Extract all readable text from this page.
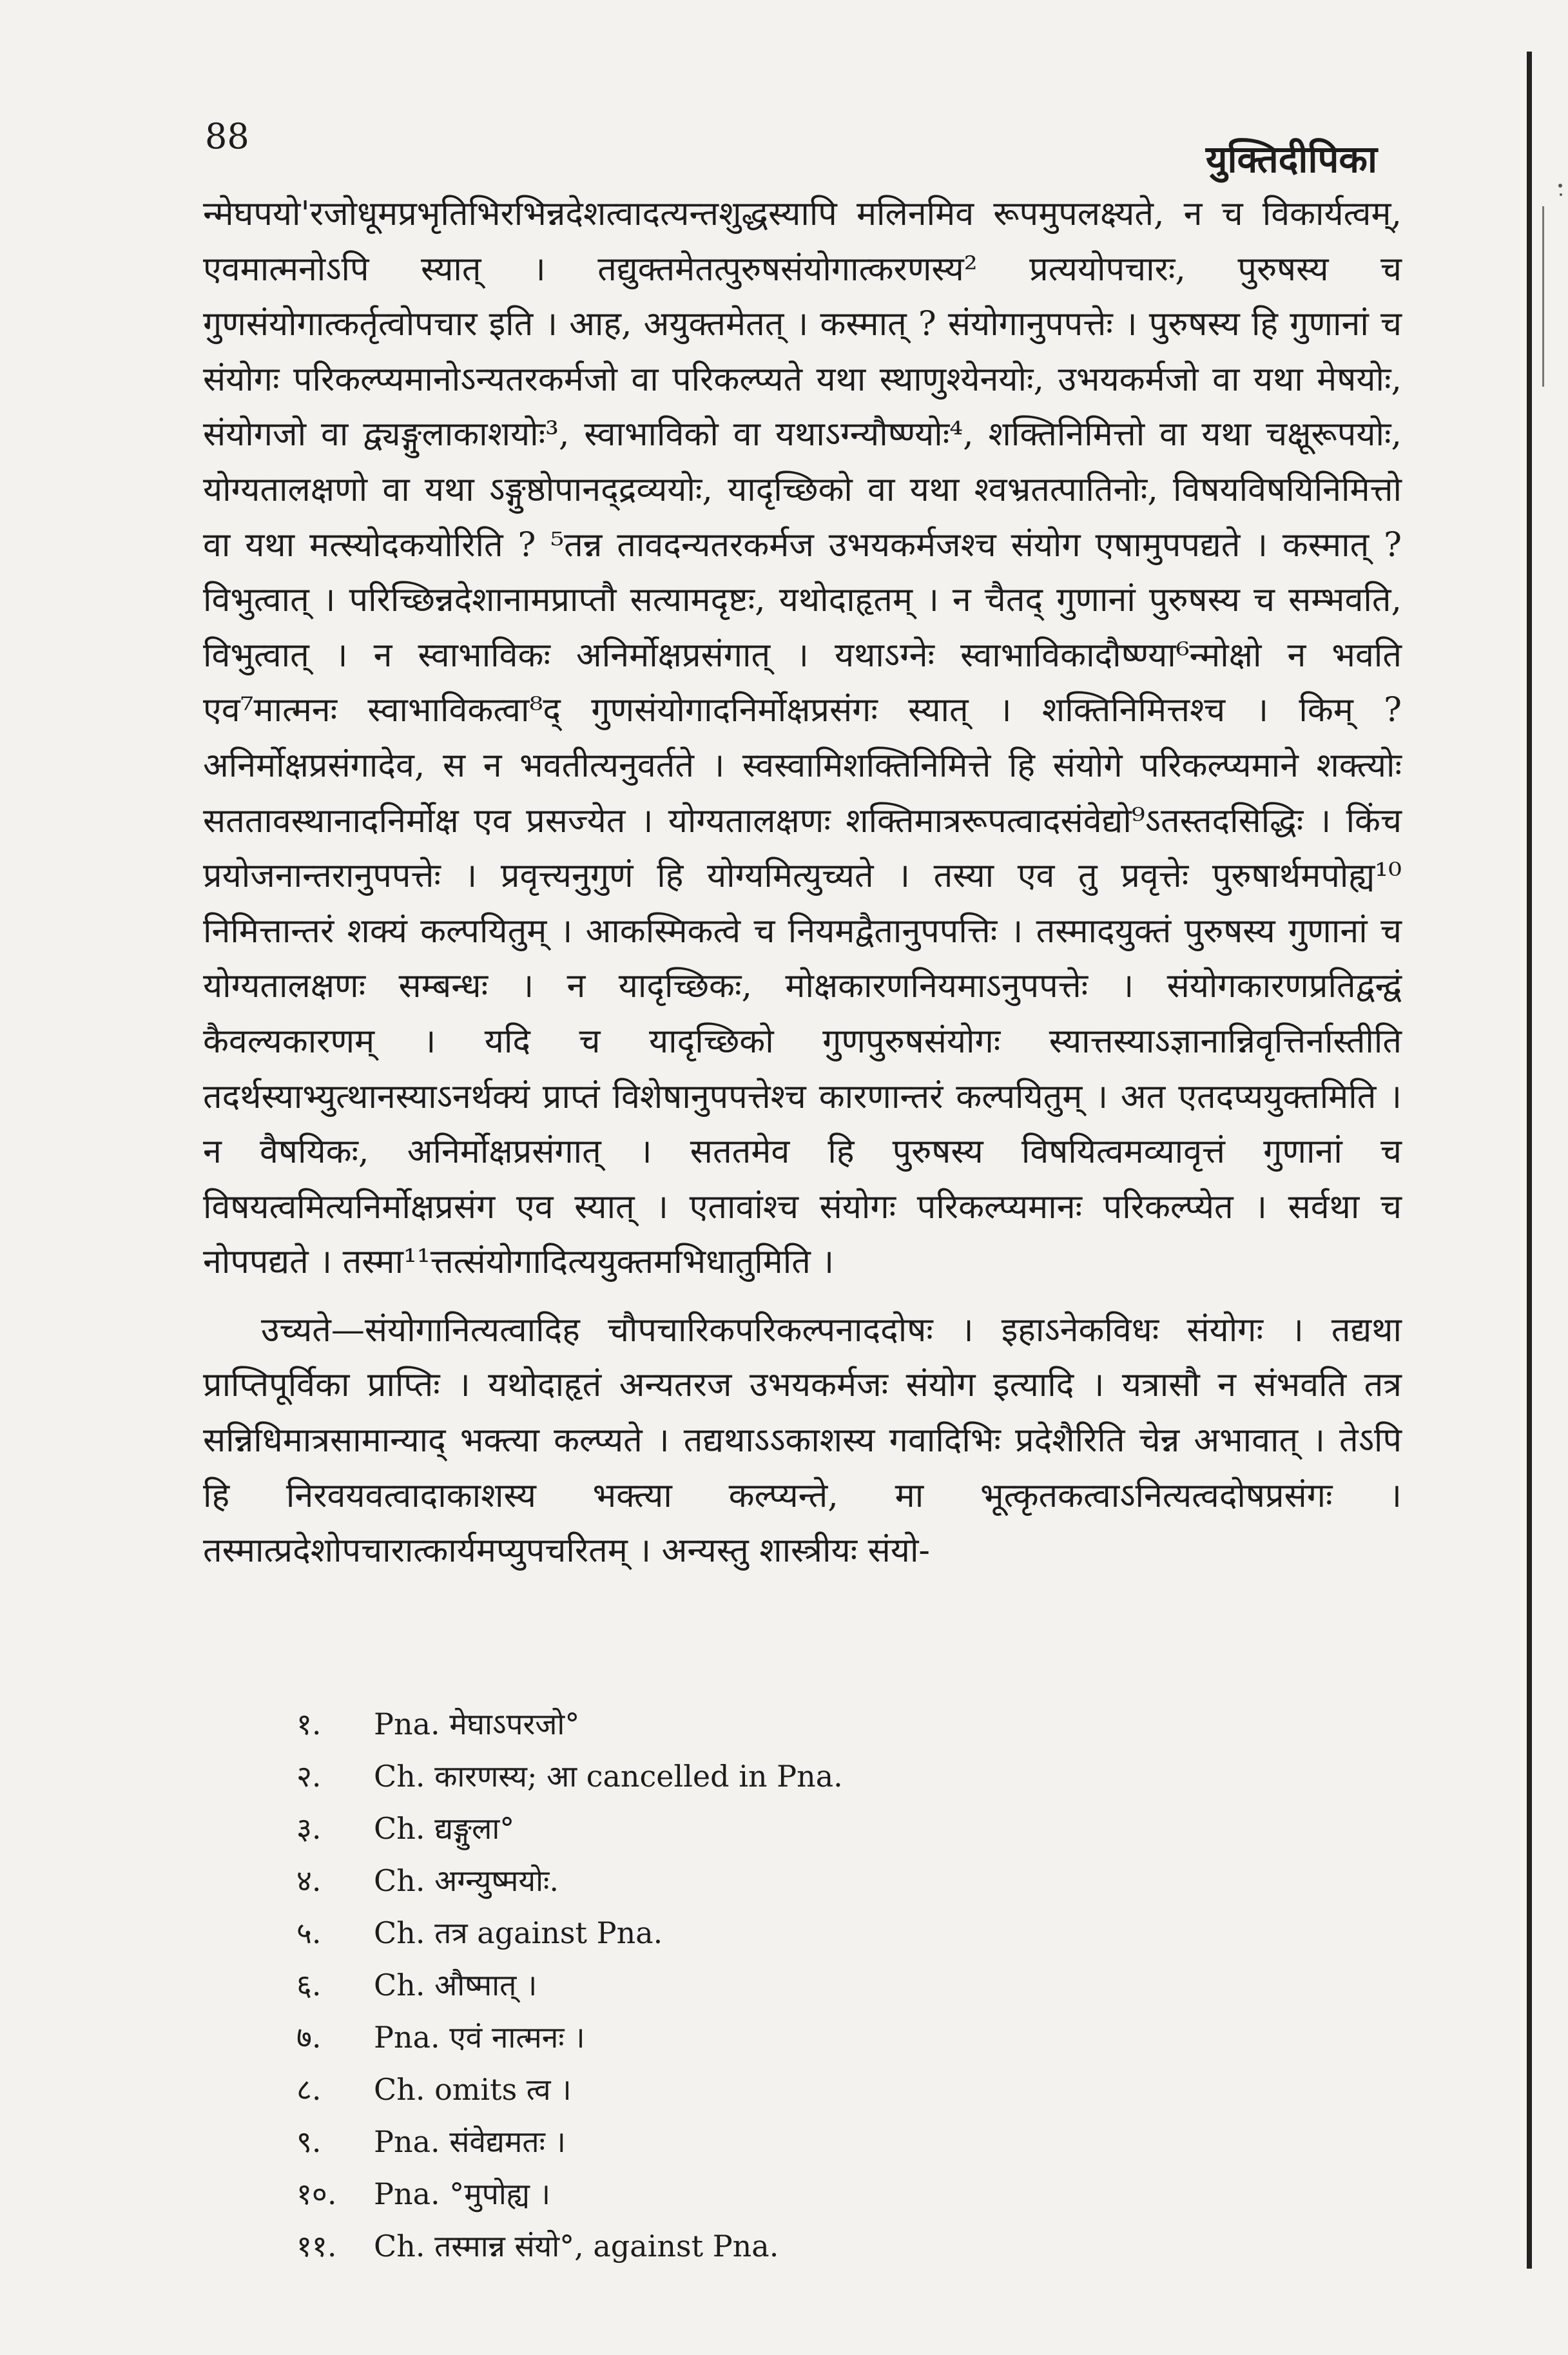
88
युक्तिदीपिका

न्मेघपयो'रजोधूमप्रभृतिभिरभिन्नदेशत्वादत्यन्तशुद्धस्यापि मलिनमिव रूपमुपलक्ष्यते, न च विकार्यत्वम्, एवमात्मनोऽपि स्यात् । तद्युक्तमेतत्पुरुषसंयोगात्करणस्य² प्रत्ययोपचारः, पुरुषस्य च गुणसंयोगात्कर्तृत्वोपचार इति । आह, अयुक्तमेतत् । कस्मात् ? संयोगानुपपत्तेः । पुरुषस्य हि गुणानां च संयोगः परिकल्प्यमानोऽन्यतरकर्मजो वा परिकल्प्यते यथा स्थाणुश्येनयोः, उभयकर्मजो वा यथा मेषयोः, संयोगजो वा द्व्यङ्गुलाकाशयोः³, स्वाभाविको वा यथाऽग्न्यौष्ण्योः⁴, शक्तिनिमित्तो वा यथा चक्षूरूपयोः, योग्यतालक्षणो वा यथा ऽङ्गुष्ठोपानद्द्रव्ययोः, यादृच्छिको वा यथा श्वभ्रतत्पातिनोः, विषयविषयिनिमित्तो वा यथा मत्स्योदकयोरिति ? ⁵तन्न तावदन्यतरकर्मज उभयकर्मजश्च संयोग एषामुपपद्यते । कस्मात् ? विभुत्वात् । परिच्छिन्नदेशानामप्राप्तौ सत्यामदृष्टः, यथोदाहृतम् । न चैतद् गुणानां पुरुषस्य च सम्भवति, विभुत्वात् । न स्वाभाविकः अनिर्मोक्षप्रसंगात् । यथाऽग्नेः स्वाभाविकादौष्ण्या⁶न्मोक्षो न भवति एव⁷मात्मनः स्वाभाविकत्वा⁸द् गुणसंयोगादनिर्मोक्षप्रसंगः स्यात् । शक्तिनिमित्तश्च । किम् ? अनिर्मोक्षप्रसंगादेव, स न भवतीत्यनुवर्तते । स्वस्वामिशक्तिनिमित्ते हि संयोगे परिकल्प्यमाने शक्त्योः सततावस्थानादनिर्मोक्ष एव प्रसज्येत । योग्यतालक्षणः शक्तिमात्ररूपत्वादसंवेद्यो⁹ऽतस्तदसिद्धिः । किंच प्रयोजनान्तरानुपपत्तेः । प्रवृत्त्यनुगुणं हि योग्यमित्युच्यते । तस्या एव तु प्रवृत्तेः पुरुषार्थमपोह्य¹⁰ निमित्तान्तरं शक्यं कल्पयितुम् । आकस्मिकत्वे च नियमद्वैतानुपपत्तिः । तस्मादयुक्तं पुरुषस्य गुणानां च योग्यतालक्षणः सम्बन्धः । न यादृच्छिकः, मोक्षकारणनियमाऽनुपपत्तेः । संयोगकारणप्रतिद्वन्द्वं कैवल्यकारणम् । यदि च यादृच्छिको गुणपुरुषसंयोगः स्यात्तस्याऽज्ञानान्निवृत्तिर्नास्तीति तदर्थस्याभ्युत्थानस्याऽनर्थक्यं प्राप्तं विशेषानुपपत्तेश्च कारणान्तरं कल्पयितुम् । अत एतदप्ययुक्तमिति । न वैषयिकः, अनिर्मोक्षप्रसंगात् । सततमेव हि पुरुषस्य विषयित्वमव्यावृत्तं गुणानां च विषयत्वमित्यनिर्मोक्षप्रसंग एव स्यात् । एतावांश्च संयोगः परिकल्प्यमानः परिकल्प्येत । सर्वथा च नोपपद्यते । तस्मा¹¹त्तत्संयोगादित्ययुक्तमभिधातुमिति ।

उच्यते—संयोगानित्यत्वादिह चौपचारिकपरिकल्पनाददोषः । इहाऽनेकविधः संयोगः । तद्यथा प्राप्तिपूर्विका प्राप्तिः । यथोदाहृतं अन्यतरज उभयकर्मजः संयोग इत्यादि । यत्रासौ न संभवति तत्र सन्निधिमात्रसामान्याद् भक्त्या कल्प्यते । तद्यथाऽऽकाशस्य गवादिभिः प्रदेशैरिति चेन्न अभावात् । तेऽपि हि निरवयवत्वादाकाशस्य भक्त्या कल्प्यन्ते, मा भूत्कृतकत्वाऽनित्यत्वदोषप्रसंगः । तस्मात्प्रदेशोपचारात्कार्यमप्युपचरितम् । अन्यस्तु शास्त्रीयः संयो-

१.	Pna. मेघाऽपरजो°
२.	Ch. कारणस्य; आ cancelled in Pna.
३.	Ch. द्यङ्गुला°
४.	Ch. अग्न्युष्मयोः.
५.	Ch. तत्र against Pna.
६.	Ch. औष्मात् ।
७.	Pna. एवं नात्मनः ।
८.	Ch. omits त्व ।
९.	Pna. संवेद्यमतः ।
१०.	Pna. °मुपोह्य ।
११.	Ch. तस्मान्न संयो°, against Pna.
